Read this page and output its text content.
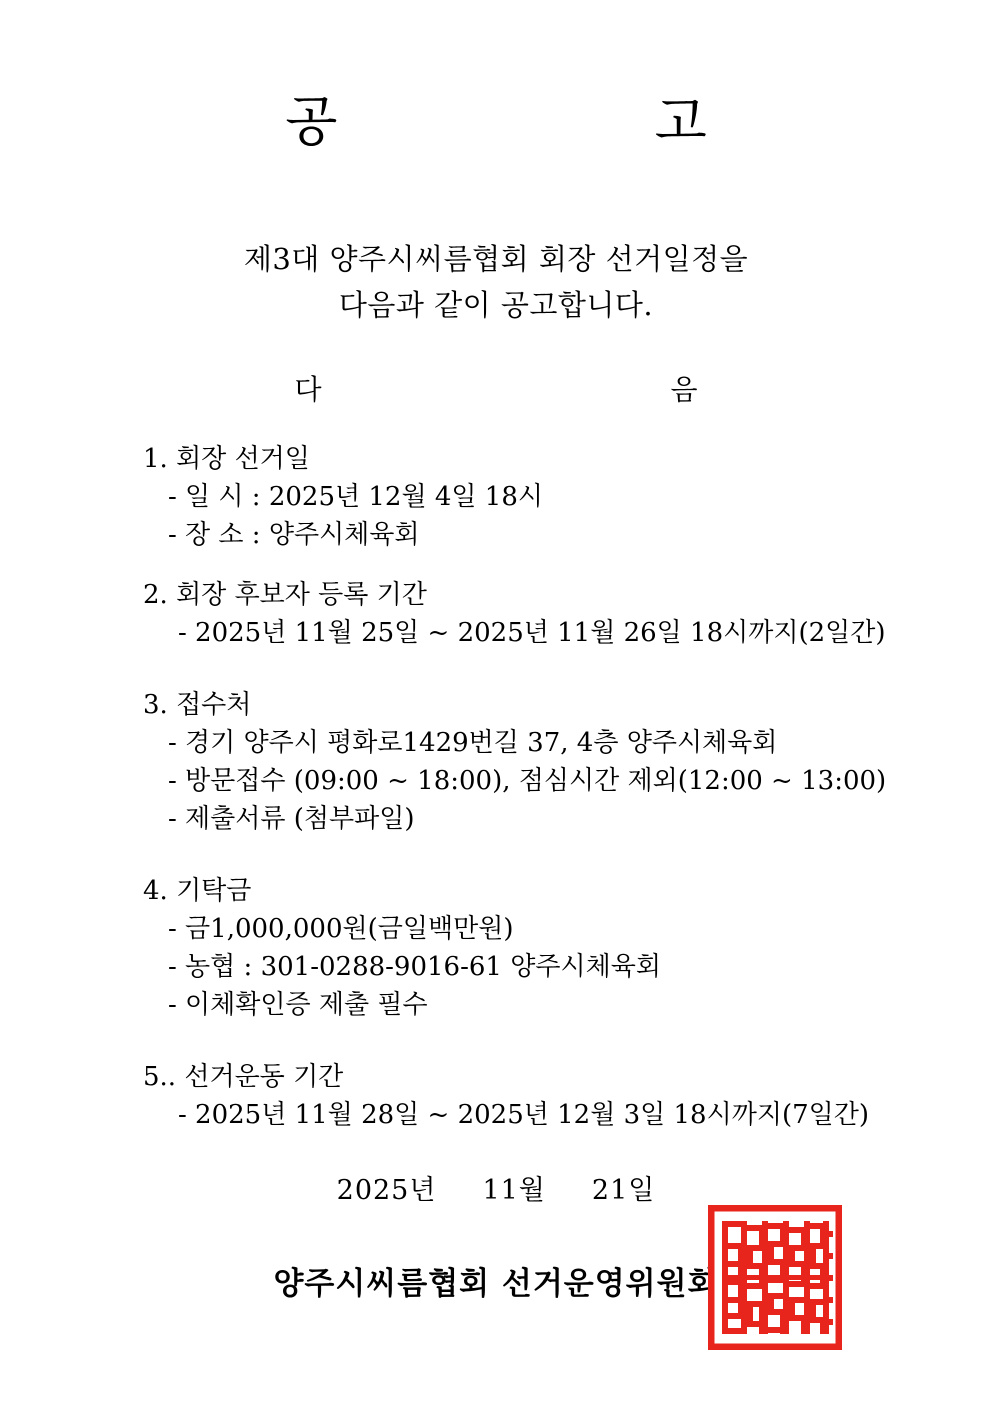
공 고
제3대 양주시씨름협회 회장 선거일정을
다음과 같이 공고합니다.
다 음
1. 회장 선거일
- 일 시 : 2025년 12월 4일 18시
- 장 소 : 양주시체육회
2. 회장 후보자 등록 기간
- 2025년 11월 25일 ~ 2025년 11월 26일 18시까지(2일간)
3. 접수처
- 경기 양주시 평화로1429번길 37, 4층 양주시체육회
- 방문접수 (09:00 ~ 18:00), 점심시간 제외(12:00 ~ 13:00)
- 제출서류 (첨부파일)
4. 기탁금
- 금1,000,000원(금일백만원)
- 농협 : 301-0288-9016-61 양주시체육회
- 이체확인증 제출 필수
5.. 선거운동 기간
- 2025년 11월 28일 ~ 2025년 12월 3일 18시까지(7일간)
2025년 11월 21일
양주시씨름협회 선거운영위원회
